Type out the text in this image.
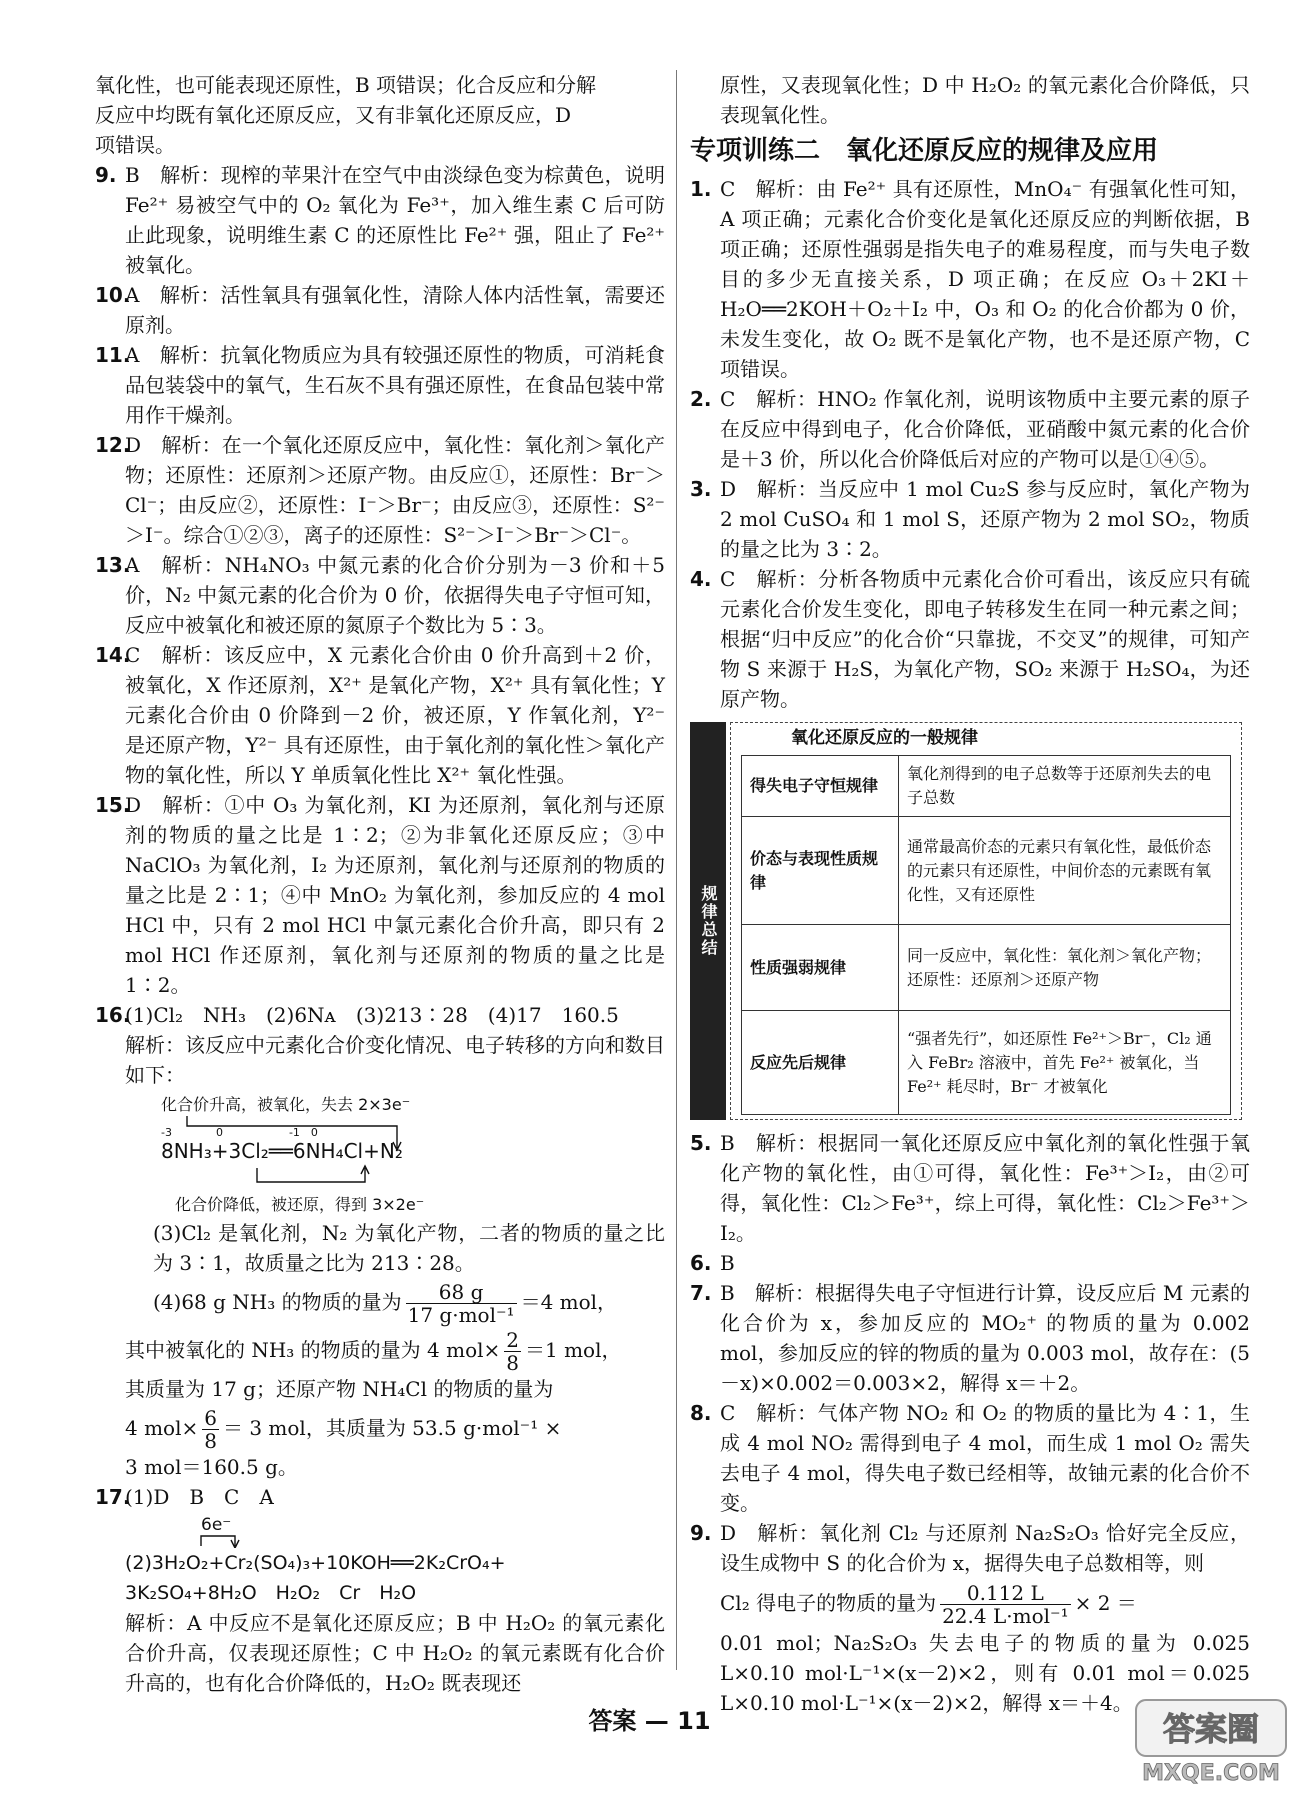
氧化性，也可能表现还原性，B 项错误；化合反应和分解

反应中均既有氧化还原反应，又有非氧化还原反应，D

项错误。

9. B　解析：现榨的苹果汁在空气中由淡绿色变为棕黄色，说明 Fe²⁺ 易被空气中的 O₂ 氧化为 Fe³⁺，加入维生素 C 后可防止此现象，说明维生素 C 的还原性比 Fe²⁺ 强，阻止了 Fe²⁺ 被氧化。

10.

A　解析：活性氧具有强氧化性，清除人体内活性氧，需要还原剂。

11.

A　解析：抗氧化物质应为具有较强还原性的物质，可消耗食品包装袋中的氧气，生石灰不具有强还原性，在食品包装中常用作干燥剂。

12.

D　解析：在一个氧化还原反应中，氧化性：氧化剂＞氧化产物；还原性：还原剂＞还原产物。由反应①，还原性：Br⁻＞Cl⁻；由反应②，还原性：I⁻＞Br⁻；由反应③，还原性：S²⁻＞I⁻。综合①②③，离子的还原性：S²⁻＞I⁻＞Br⁻＞Cl⁻。

13.

A　解析：NH₄NO₃ 中氮元素的化合价分别为－3 价和＋5 价，N₂ 中氮元素的化合价为 0 价，依据得失电子守恒可知，反应中被氧化和被还原的氮原子个数比为 5∶3。

14.

C　解析：该反应中，X 元素化合价由 0 价升高到＋2 价，被氧化，X 作还原剂，X²⁺ 是氧化产物，X²⁺ 具有氧化性；Y 元素化合价由 0 价降到－2 价，被还原，Y 作氧化剂，Y²⁻ 是还原产物，Y²⁻ 具有还原性，由于氧化剂的氧化性＞氧化产物的氧化性，所以 Y 单质氧化性比 X²⁺ 氧化性强。

15.

D　解析：①中 O₃ 为氧化剂，KI 为还原剂，氧化剂与还原剂的物质的量之比是 1∶2；②为非氧化还原反应；③中 NaClO₃ 为氧化剂，I₂ 为还原剂，氧化剂与还原剂的物质的量之比是 2∶1；④中 MnO₂ 为氧化剂，参加反应的 4 mol HCl 中，只有 2 mol HCl 中氯元素化合价升高，即只有 2 mol HCl 作还原剂，氧化剂与还原剂的物质的量之比是 1∶2。

16.

(1)Cl₂　NH₃　(2)6Nᴀ　(3)213∶28　(4)17　160.5

解析：该反应中元素化合价变化情况、电子转移的方向和数目如下：

化合价升高，被氧化，失去 2×3e⁻
-3　　　　0　　　　　　-1　0
8NH₃+3Cl₂══6NH₄Cl+N₂
化合价降低，被还原，得到 3×2e⁻

(3)Cl₂ 是氧化剂，N₂ 为氧化产物，二者的物质的量之比为 3∶1，故质量之比为 213∶28。

(4)68 g NH₃ 的物质的量为 $\frac{68 g}{\text{17 g·mol⁻¹}} =4$ mol，

其中被氧化的 NH₃ 的物质的量为 4 $mol\times \frac{2}{8} =1$ mol，

其质量为 17 g；还原产物 NH₄Cl 的物质的量为

4 $mol\times \frac{6}{8} = 3$ mol，其质量为 53.5 g·mol⁻¹ ×

3 mol＝160.5 g。

17.

(1)D　B　C　A

6e⁻

(2)3H₂O₂+Cr₂(SO₄)₃+10KOH══2K₂CrO₄+

3K₂SO₄+8H₂O　H₂O₂　Cr　H₂O

解析：A 中反应不是氧化还原反应；B 中 H₂O₂ 的氧元素化合价升高，仅表现还原性；C 中 H₂O₂ 的氧元素既有化合价升高的，也有化合价降低的，H₂O₂ 既表现还

原性，又表现氧化性；D 中 H₂O₂ 的氧元素化合价降低，只表现氧化性。

专项训练二　氧化还原反应的规律及应用
1. C　解析：由 Fe²⁺ 具有还原性，MnO₄⁻ 有强氧化性可知，A 项正确；元素化合价变化是氧化还原反应的判断依据，B 项正确；还原性强弱是指失电子的难易程度，而与失电子数目的多少无直接关系，D 项正确；在反应 O₃＋2KI＋H₂O══2KOH＋O₂＋I₂ 中，O₃ 和 O₂ 的化合价都为 0 价，未发生变化，故 O₂ 既不是氧化产物，也不是还原产物，C 项错误。

2. C　解析：HNO₂ 作氧化剂，说明该物质中主要元素的原子在反应中得到电子，化合价降低，亚硝酸中氮元素的化合价是＋3 价，所以化合价降低后对应的产物可以是①④⑤。

3. D　解析：当反应中 1 mol Cu₂S 参与反应时，氧化产物为 2 mol CuSO₄ 和 1 mol S，还原产物为 2 mol SO₂，物质的量之比为 3∶2。

4. C　解析：分析各物质中元素化合价可看出，该反应只有硫元素化合价发生变化，即电子转移发生在同一种元素之间；根据“归中反应”的化合价“只靠拢，不交叉”的规律，可知产物 S 来源于 H₂S，为氧化产物，SO₂ 来源于 H₂SO₄，为还原产物。

规律总结
氧化还原反应的一般规律
得失电子守恒规律	氧化剂得到的电子总数等于还原剂失去的电子总数
价态与表现性质规律	通常最高价态的元素只有氧化性，最低价态的元素只有还原性，中间价态的元素既有氧化性，又有还原性
性质强弱规律	同一反应中，氧化性：氧化剂＞氧化产物；还原性：还原剂＞还原产物
反应先后规律	“强者先行”，如还原性 Fe²⁺＞Br⁻，Cl₂ 通入 FeBr₂ 溶液中，首先 Fe²⁺ 被氧化，当 Fe²⁺ 耗尽时，Br⁻ 才被氧化
5. B　解析：根据同一氧化还原反应中氧化剂的氧化性强于氧化产物的氧化性，由①可得，氧化性：Fe³⁺＞I₂，由②可得，氧化性：Cl₂＞Fe³⁺，综上可得，氧化性：Cl₂＞Fe³⁺＞I₂。

6. B

7. B　解析：根据得失电子守恒进行计算，设反应后 M 元素的化合价为 x，参加反应的 MO₂⁺ 的物质的量为 0.002 mol，参加反应的锌的物质的量为 0.003 mol，故存在：(5－x)×0.002＝0.003×2，解得 x＝＋2。

8. C　解析：气体产物 NO₂ 和 O₂ 的物质的量比为 4∶1，生成 4 mol NO₂ 需得到电子 4 mol，而生成 1 mol O₂ 需失去电子 4 mol，得失电子数已经相等，故铀元素的化合价不变。

9. D　解析：氧化剂 Cl₂ 与还原剂 Na₂S₂O₃ 恰好完全反应，设生成物中 S 的化合价为 x，据得失电子总数相等，则

Cl₂ 得电子的物质的量为 $\frac{0.112 L}{\text{22.4 L·mol⁻¹}} \times 2$ ＝

0.01 mol；Na₂S₂O₃ 失去电子的物质的量为 0.025 L×0.10 mol·L⁻¹×(x－2)×2，则有 0.01 mol＝0.025 L×0.10 mol·L⁻¹×(x－2)×2，解得 x＝＋4。

答案 — 11	答案圈
MXQE.COM
